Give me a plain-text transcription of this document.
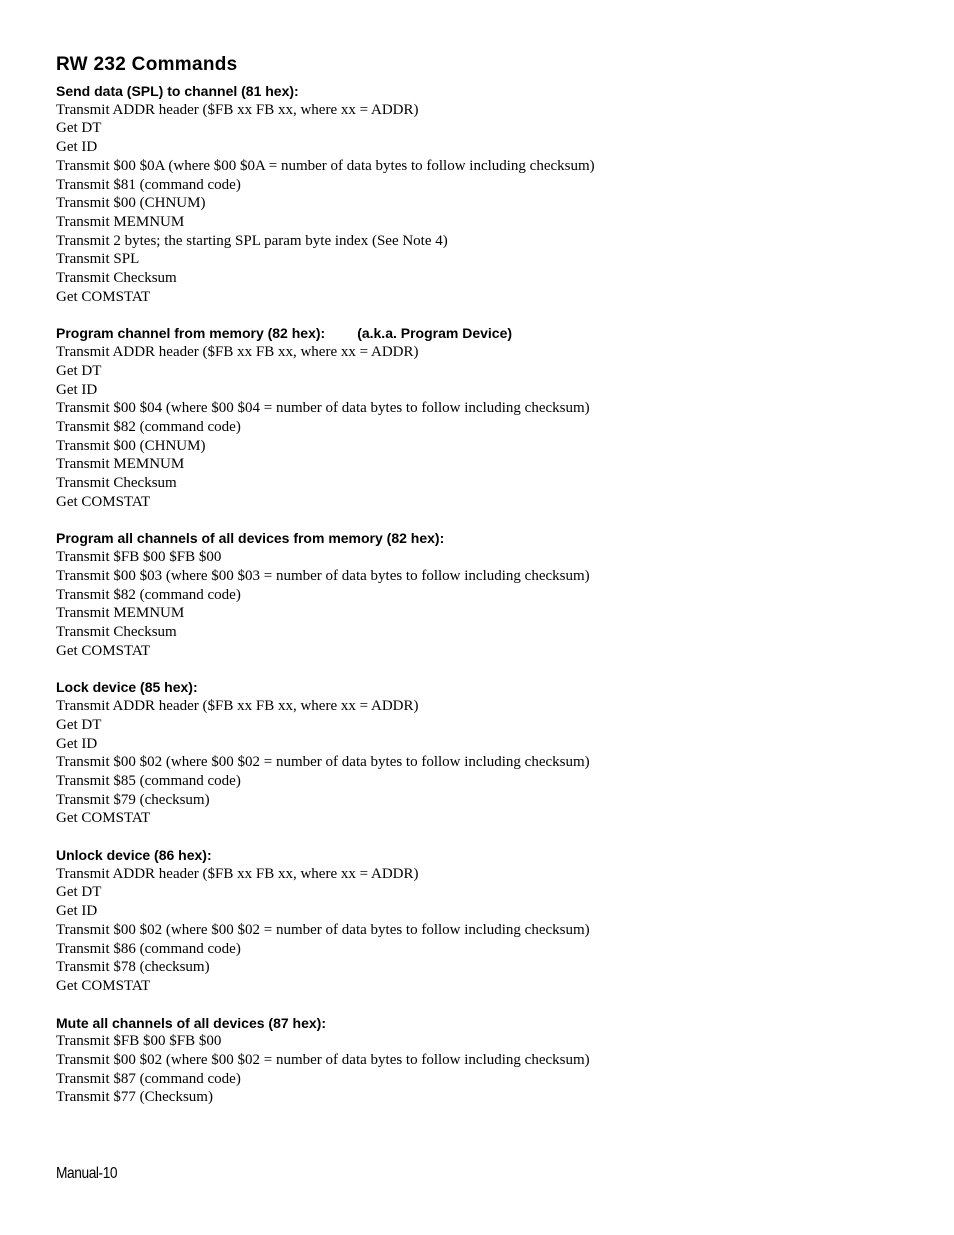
RW 232 Commands

Send data (SPL) to channel (81 hex):

Transmit ADDR header ($FB xx FB xx, where xx = ADDR)

Get DT

Get ID

Transmit $00 $0A (where $00 $0A = number of data bytes to follow including checksum)

Transmit $81 (command code)

Transmit $00 (CHNUM)

Transmit MEMNUM

Transmit 2 bytes; the starting SPL param byte index (See Note 4)

Transmit SPL

Transmit Checksum

Get COMSTAT

Program channel from memory (82 hex): (a.k.a. Program Device)

Transmit ADDR header ($FB xx FB xx, where xx = ADDR)

Get DT

Get ID

Transmit $00 $04 (where $00 $04 = number of data bytes to follow including checksum)

Transmit $82 (command code)

Transmit $00 (CHNUM)

Transmit MEMNUM

Transmit Checksum

Get COMSTAT

Program all channels of all devices from memory (82 hex):

Transmit $FB $00 $FB $00

Transmit $00 $03 (where $00 $03 = number of data bytes to follow including checksum)

Transmit $82 (command code)

Transmit MEMNUM

Transmit Checksum

Get COMSTAT

Lock device (85 hex):

Transmit ADDR header ($FB xx FB xx, where xx = ADDR)

Get DT

Get ID

Transmit $00 $02 (where $00 $02 = number of data bytes to follow including checksum)

Transmit $85 (command code)

Transmit $79 (checksum)

Get COMSTAT

Unlock device (86 hex):

Transmit ADDR header ($FB xx FB xx, where xx = ADDR)

Get DT

Get ID

Transmit $00 $02 (where $00 $02 = number of data bytes to follow including checksum)

Transmit $86 (command code)

Transmit $78 (checksum)

Get COMSTAT

Mute all channels of all devices (87 hex):

Transmit $FB $00 $FB $00

Transmit $00 $02 (where $00 $02 = number of data bytes to follow including checksum)

Transmit $87 (command code)

Transmit $77 (Checksum)

Manual-10
